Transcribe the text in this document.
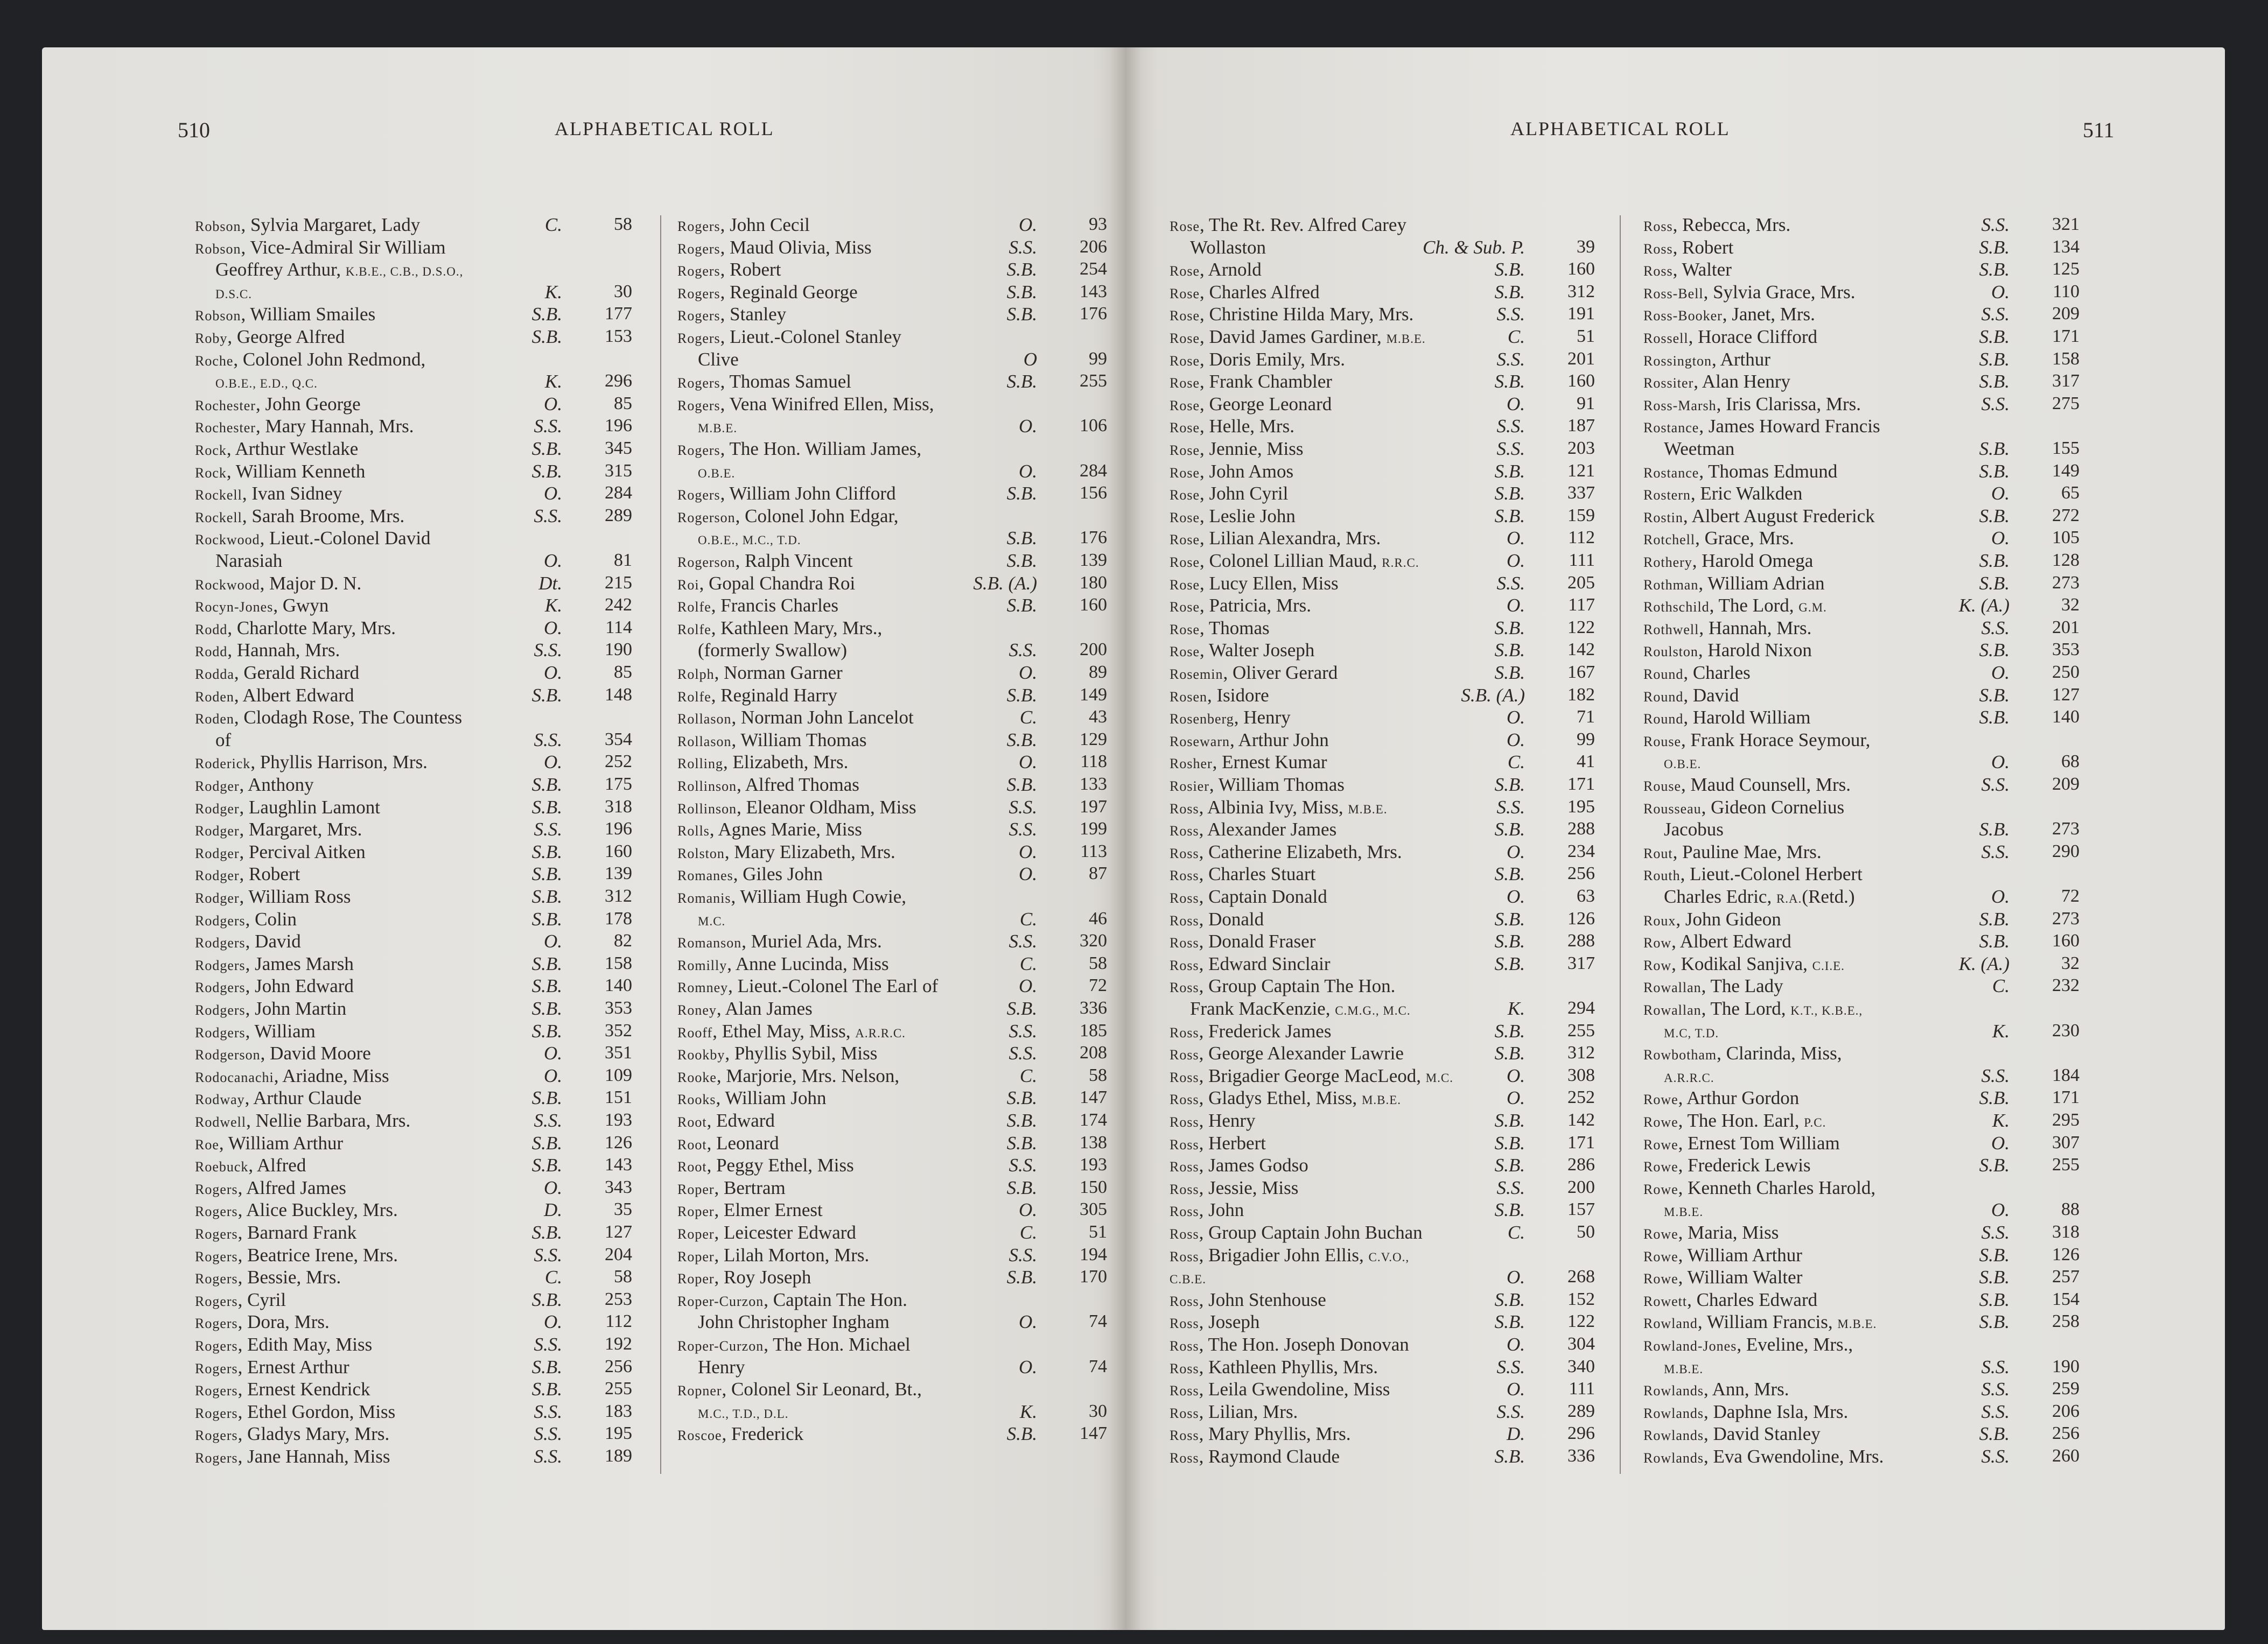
510	ALPHABETICAL ROLL	ALPHABETICAL ROLL	511
Robson, Sylvia Margaret, Lady	C.	58
Robson, Vice-Admiral Sir William
Geoffrey Arthur, K.B.E., C.B., D.S.O.,
D.S.C.	K.	30
Robson, William Smailes	S.B.	177
Roby, George Alfred	S.B.	153
Roche, Colonel John Redmond,
O.B.E., E.D., Q.C.	K.	296
Rochester, John George	O.	85
Rochester, Mary Hannah, Mrs.	S.S.	196
Rock, Arthur Westlake	S.B.	345
Rock, William Kenneth	S.B.	315
Rockell, Ivan Sidney	O.	284
Rockell, Sarah Broome, Mrs.	S.S.	289
Rockwood, Lieut.-Colonel David
Narasiah	O.	81
Rockwood, Major D. N.	Dt.	215
Rocyn-Jones, Gwyn	K.	242
Rodd, Charlotte Mary, Mrs.	O.	114
Rodd, Hannah, Mrs.	S.S.	190
Rodda, Gerald Richard	O.	85
Roden, Albert Edward	S.B.	148
Roden, Clodagh Rose, The Countess
of	S.S.	354
Roderick, Phyllis Harrison, Mrs.	O.	252
Rodger, Anthony	S.B.	175
Rodger, Laughlin Lamont	S.B.	318
Rodger, Margaret, Mrs.	S.S.	196
Rodger, Percival Aitken	S.B.	160
Rodger, Robert	S.B.	139
Rodger, William Ross	S.B.	312
Rodgers, Colin	S.B.	178
Rodgers, David	O.	82
Rodgers, James Marsh	S.B.	158
Rodgers, John Edward	S.B.	140
Rodgers, John Martin	S.B.	353
Rodgers, William	S.B.	352
Rodgerson, David Moore	O.	351
Rodocanachi, Ariadne, Miss	O.	109
Rodway, Arthur Claude	S.B.	151
Rodwell, Nellie Barbara, Mrs.	S.S.	193
Roe, William Arthur	S.B.	126
Roebuck, Alfred	S.B.	143
Rogers, Alfred James	O.	343
Rogers, Alice Buckley, Mrs.	D.	35
Rogers, Barnard Frank	S.B.	127
Rogers, Beatrice Irene, Mrs.	S.S.	204
Rogers, Bessie, Mrs.	C.	58
Rogers, Cyril	S.B.	253
Rogers, Dora, Mrs.	O.	112
Rogers, Edith May, Miss	S.S.	192
Rogers, Ernest Arthur	S.B.	256
Rogers, Ernest Kendrick	S.B.	255
Rogers, Ethel Gordon, Miss	S.S.	183
Rogers, Gladys Mary, Mrs.	S.S.	195
Rogers, Jane Hannah, Miss	S.S.	189
Rogers, John Cecil	O.	93
Rogers, Maud Olivia, Miss	S.S.	206
Rogers, Robert	S.B.	254
Rogers, Reginald George	S.B.	143
Rogers, Stanley	S.B.	176
Rogers, Lieut.-Colonel Stanley
Clive	O	99
Rogers, Thomas Samuel	S.B.	255
Rogers, Vena Winifred Ellen, Miss,
M.B.E.	O.	106
Rogers, The Hon. William James,
O.B.E.	O.	284
Rogers, William John Clifford	S.B.	156
Rogerson, Colonel John Edgar,
O.B.E., M.C., T.D.	S.B.	176
Rogerson, Ralph Vincent	S.B.	139
Roi, Gopal Chandra Roi	S.B. (A.)	180
Rolfe, Francis Charles	S.B.	160
Rolfe, Kathleen Mary, Mrs.,
(formerly Swallow)	S.S.	200
Rolph, Norman Garner	O.	89
Rolfe, Reginald Harry	S.B.	149
Rollason, Norman John Lancelot	C.	43
Rollason, William Thomas	S.B.	129
Rolling, Elizabeth, Mrs.	O.	118
Rollinson, Alfred Thomas	S.B.	133
Rollinson, Eleanor Oldham, Miss	S.S.	197
Rolls, Agnes Marie, Miss	S.S.	199
Rolston, Mary Elizabeth, Mrs.	O.	113
Romanes, Giles John	O.	87
Romanis, William Hugh Cowie,
M.C.	C.	46
Romanson, Muriel Ada, Mrs.	S.S.	320
Romilly, Anne Lucinda, Miss	C.	58
Romney, Lieut.-Colonel The Earl of	O.	72
Roney, Alan James	S.B.	336
Rooff, Ethel May, Miss, A.R.R.C.	S.S.	185
Rookby, Phyllis Sybil, Miss	S.S.	208
Rooke, Marjorie, Mrs. Nelson,	C.	58
Rooks, William John	S.B.	147
Root, Edward	S.B.	174
Root, Leonard	S.B.	138
Root, Peggy Ethel, Miss	S.S.	193
Roper, Bertram	S.B.	150
Roper, Elmer Ernest	O.	305
Roper, Leicester Edward	C.	51
Roper, Lilah Morton, Mrs.	S.S.	194
Roper, Roy Joseph	S.B.	170
Roper-Curzon, Captain The Hon.
John Christopher Ingham	O.	74
Roper-Curzon, The Hon. Michael
Henry	O.	74
Ropner, Colonel Sir Leonard, Bt.,
M.C., T.D., D.L.	K.	30
Roscoe, Frederick	S.B.	147
Rose, The Rt. Rev. Alfred Carey
Wollaston	Ch. & Sub. P.	39
Rose, Arnold	S.B.	160
Rose, Charles Alfred	S.B.	312
Rose, Christine Hilda Mary, Mrs.	S.S.	191
Rose, David James Gardiner, M.B.E.	C.	51
Rose, Doris Emily, Mrs.	S.S.	201
Rose, Frank Chambler	S.B.	160
Rose, George Leonard	O.	91
Rose, Helle, Mrs.	S.S.	187
Rose, Jennie, Miss	S.S.	203
Rose, John Amos	S.B.	121
Rose, John Cyril	S.B.	337
Rose, Leslie John	S.B.	159
Rose, Lilian Alexandra, Mrs.	O.	112
Rose, Colonel Lillian Maud, R.R.C.	O.	111
Rose, Lucy Ellen, Miss	S.S.	205
Rose, Patricia, Mrs.	O.	117
Rose, Thomas	S.B.	122
Rose, Walter Joseph	S.B.	142
Rosemin, Oliver Gerard	S.B.	167
Rosen, Isidore	S.B. (A.)	182
Rosenberg, Henry	O.	71
Rosewarn, Arthur John	O.	99
Rosher, Ernest Kumar	C.	41
Rosier, William Thomas	S.B.	171
Ross, Albinia Ivy, Miss, M.B.E.	S.S.	195
Ross, Alexander James	S.B.	288
Ross, Catherine Elizabeth, Mrs.	O.	234
Ross, Charles Stuart	S.B.	256
Ross, Captain Donald	O.	63
Ross, Donald	S.B.	126
Ross, Donald Fraser	S.B.	288
Ross, Edward Sinclair	S.B.	317
Ross, Group Captain The Hon.
Frank MacKenzie, C.M.G., M.C.	K.	294
Ross, Frederick James	S.B.	255
Ross, George Alexander Lawrie	S.B.	312
Ross, Brigadier George MacLeod, M.C.	O.	308
Ross, Gladys Ethel, Miss, M.B.E.	O.	252
Ross, Henry	S.B.	142
Ross, Herbert	S.B.	171
Ross, James Godso	S.B.	286
Ross, Jessie, Miss	S.S.	200
Ross, John	S.B.	157
Ross, Group Captain John Buchan	C.	50
Ross, Brigadier John Ellis, C.V.O.,
C.B.E.	O.	268
Ross, John Stenhouse	S.B.	152
Ross, Joseph	S.B.	122
Ross, The Hon. Joseph Donovan	O.	304
Ross, Kathleen Phyllis, Mrs.	S.S.	340
Ross, Leila Gwendoline, Miss	O.	111
Ross, Lilian, Mrs.	S.S.	289
Ross, Mary Phyllis, Mrs.	D.	296
Ross, Raymond Claude	S.B.	336
Ross, Rebecca, Mrs.	S.S.	321
Ross, Robert	S.B.	134
Ross, Walter	S.B.	125
Ross-Bell, Sylvia Grace, Mrs.	O.	110
Ross-Booker, Janet, Mrs.	S.S.	209
Rossell, Horace Clifford	S.B.	171
Rossington, Arthur	S.B.	158
Rossiter, Alan Henry	S.B.	317
Ross-Marsh, Iris Clarissa, Mrs.	S.S.	275
Rostance, James Howard Francis
Weetman	S.B.	155
Rostance, Thomas Edmund	S.B.	149
Rostern, Eric Walkden	O.	65
Rostin, Albert August Frederick	S.B.	272
Rotchell, Grace, Mrs.	O.	105
Rothery, Harold Omega	S.B.	128
Rothman, William Adrian	S.B.	273
Rothschild, The Lord, G.M.	K. (A.)	32
Rothwell, Hannah, Mrs.	S.S.	201
Roulston, Harold Nixon	S.B.	353
Round, Charles	O.	250
Round, David	S.B.	127
Round, Harold William	S.B.	140
Rouse, Frank Horace Seymour,
O.B.E.	O.	68
Rouse, Maud Counsell, Mrs.	S.S.	209
Rousseau, Gideon Cornelius
Jacobus	S.B.	273
Rout, Pauline Mae, Mrs.	S.S.	290
Routh, Lieut.-Colonel Herbert
Charles Edric, R.A.(Retd.)	O.	72
Roux, John Gideon	S.B.	273
Row, Albert Edward	S.B.	160
Row, Kodikal Sanjiva, C.I.E.	K. (A.)	32
Rowallan, The Lady	C.	232
Rowallan, The Lord, K.T., K.B.E.,
M.C, T.D.	K.	230
Rowbotham, Clarinda, Miss,
A.R.R.C.	S.S.	184
Rowe, Arthur Gordon	S.B.	171
Rowe, The Hon. Earl, P.C.	K.	295
Rowe, Ernest Tom William	O.	307
Rowe, Frederick Lewis	S.B.	255
Rowe, Kenneth Charles Harold,
M.B.E.	O.	88
Rowe, Maria, Miss	S.S.	318
Rowe, William Arthur	S.B.	126
Rowe, William Walter	S.B.	257
Rowett, Charles Edward	S.B.	154
Rowland, William Francis, M.B.E.	S.B.	258
Rowland-Jones, Eveline, Mrs.,
M.B.E.	S.S.	190
Rowlands, Ann, Mrs.	S.S.	259
Rowlands, Daphne Isla, Mrs.	S.S.	206
Rowlands, David Stanley	S.B.	256
Rowlands, Eva Gwendoline, Mrs.	S.S.	260
